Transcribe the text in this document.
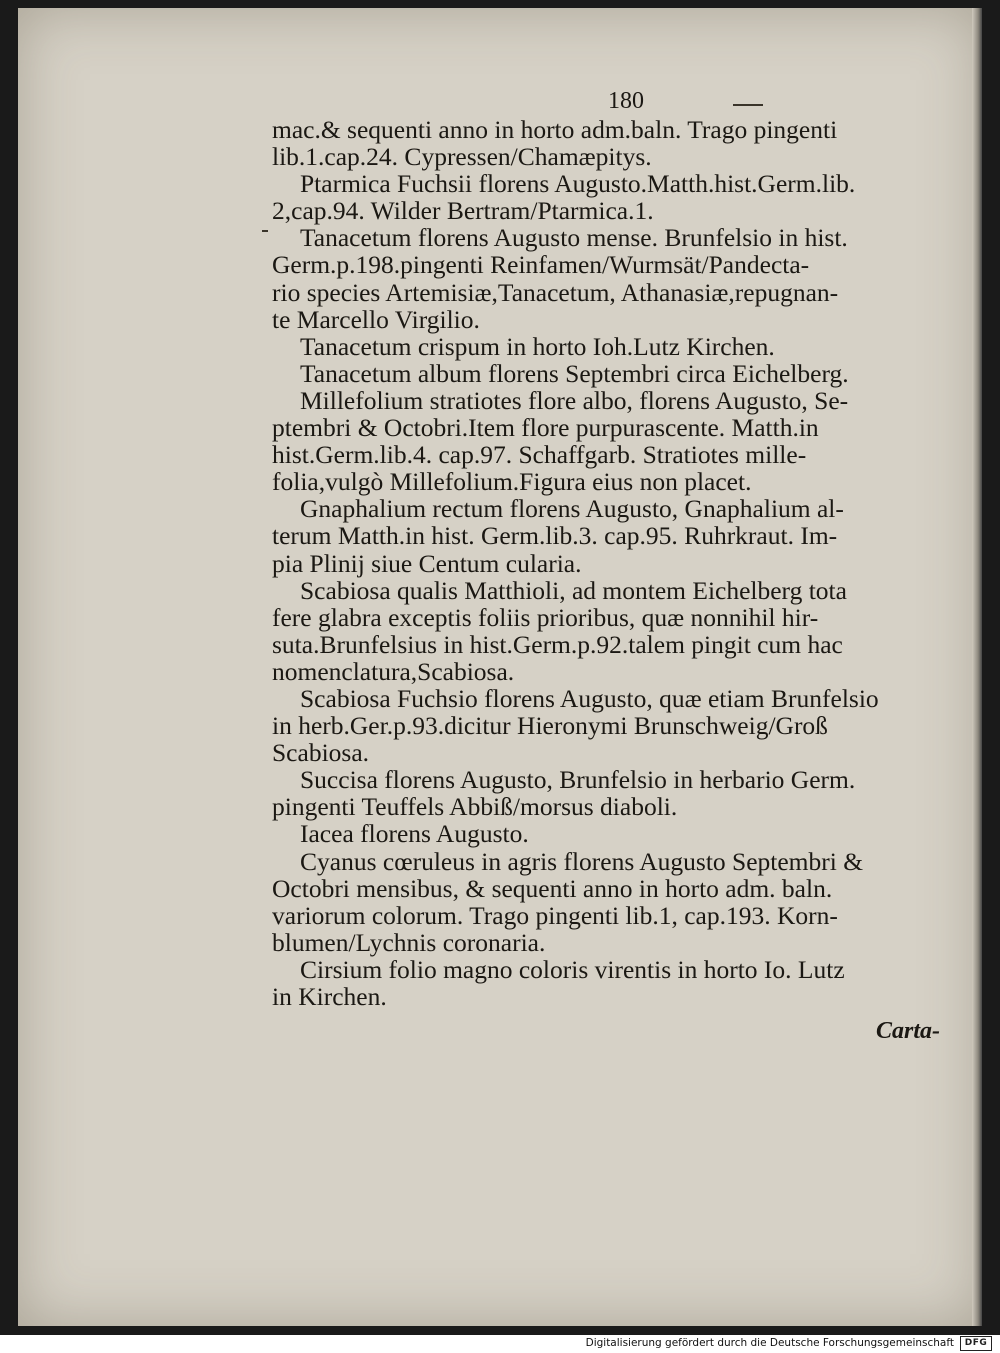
180
mac.& sequenti anno in horto adm.baln. Trago pingenti
lib.1.cap.24. Cypressen/Chamæpitys.
Ptarmica Fuchsii florens Augusto.Matth.hist.Germ.lib.
2,cap.94. Wilder Bertram/Ptarmica.1.
Tanacetum florens Augusto mense. Brunfelsio in hist.
Germ.p.198.pingenti Reinfamen/Wurmsät/Pandecta-
rio species Artemisiæ,Tanacetum, Athanasiæ,repugnan-
te Marcello Virgilio.
Tanacetum crispum in horto Ioh.Lutz Kirchen.
Tanacetum album florens Septembri circa Eichelberg.
Millefolium stratiotes flore albo, florens Augusto, Se-
ptembri & Octobri.Item flore purpurascente. Matth.in
hist.Germ.lib.4. cap.97. Schaffgarb. Stratiotes mille-
folia,vulgò Millefolium.Figura eius non placet.
Gnaphalium rectum florens Augusto, Gnaphalium al-
terum Matth.in hist. Germ.lib.3. cap.95. Ruhrkraut. Im-
pia Plinij siue Centum cularia.
Scabiosa qualis Matthioli, ad montem Eichelberg tota
fere glabra exceptis foliis prioribus, quæ nonnihil hir-
suta.Brunfelsius in hist.Germ.p.92.talem pingit cum hac
nomenclatura,Scabiosa.
Scabiosa Fuchsio florens Augusto, quæ etiam Brunfelsio
in herb.Ger.p.93.dicitur Hieronymi Brunschweig/Groß
Scabiosa.
Succisa florens Augusto, Brunfelsio in herbario Germ.
pingenti Teuffels Abbiß/morsus diaboli.
Iacea florens Augusto.
Cyanus cœruleus in agris florens Augusto Septembri &
Octobri mensibus, & sequenti anno in horto adm. baln.
variorum colorum. Trago pingenti lib.1, cap.193. Korn-
blumen/Lychnis coronaria.
Cirsium folio magno coloris virentis in horto Io. Lutz
in Kirchen.
Carta-
Digitalisierung gefördert durch die Deutsche Forschungsgemeinschaft	DFG
